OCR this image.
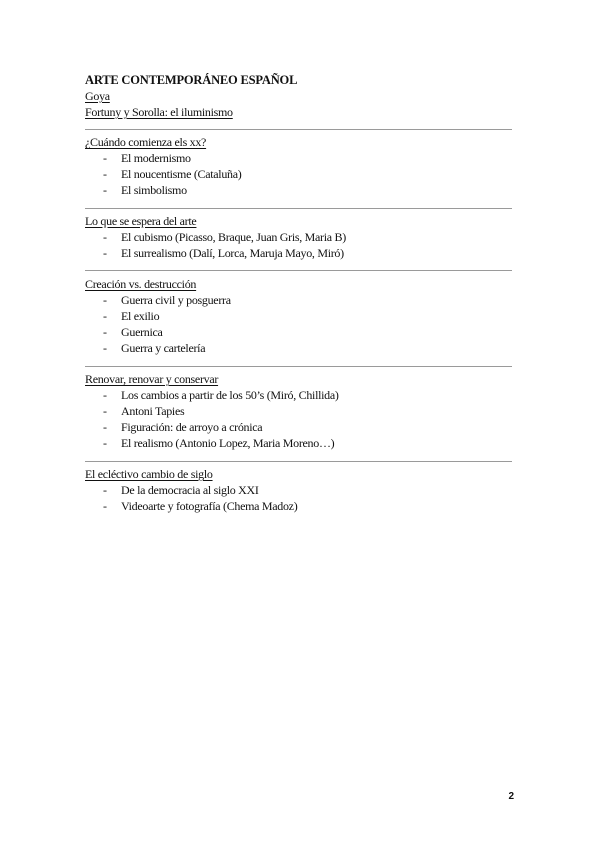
ARTE CONTEMPORÁNEO ESPAÑOL
Goya
Fortuny y Sorolla: el iluminismo
¿Cuándo comienza els xx?
- El modernismo
- El noucentisme (Cataluña)
- El simbolismo
Lo que se espera del arte
- El cubismo (Picasso, Braque, Juan Gris, Maria B)
- El surrealismo (Dalí, Lorca, Maruja Mayo, Miró)
Creación vs. destrucción
- Guerra civil y posguerra
- El exilio
- Guernica
- Guerra y cartelería
Renovar, renovar y conservar
- Los cambios a partir de los 50’s (Miró, Chillida)
- Antoni Tapies
- Figuración: de arroyo a crónica
- El realismo (Antonio Lopez, Maria Moreno…)
El ecléctivo cambio de siglo
- De la democracia al siglo XXI
- Videoarte y fotografía (Chema Madoz)
2
